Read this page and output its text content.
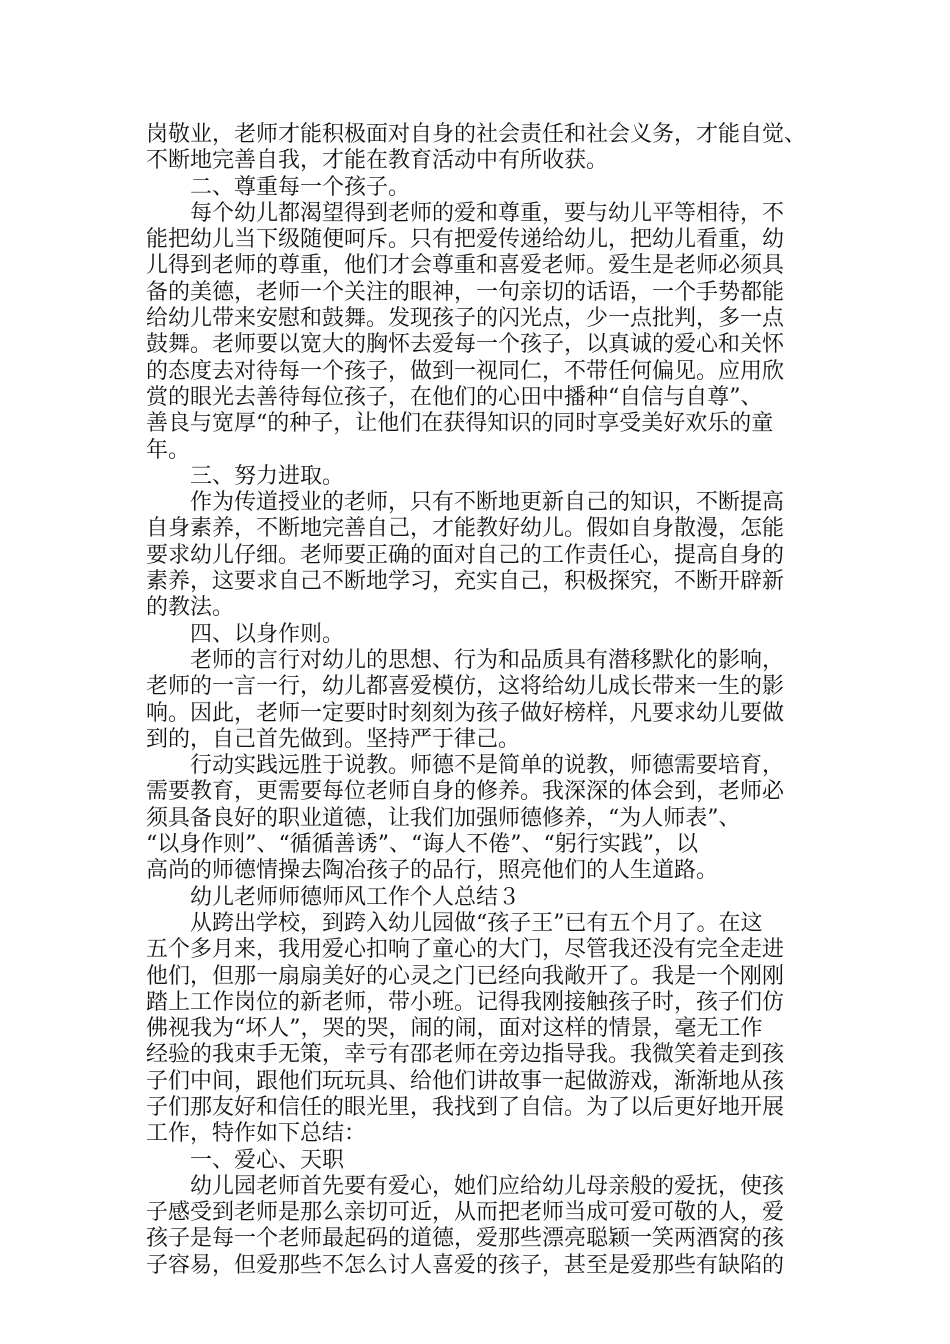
岗敬业，老师才能积极面对自身的社会责任和社会义务，才能自觉、
不断地完善自我，才能在教育活动中有所收获。
二、尊重每一个孩子。
每个幼儿都渴望得到老师的爱和尊重，要与幼儿平等相待，不
能把幼儿当下级随便呵斥。只有把爱传递给幼儿，把幼儿看重，幼
儿得到老师的尊重，他们才会尊重和喜爱老师。爱生是老师必须具
备的美德，老师一个关注的眼神，一句亲切的话语，一个手势都能
给幼儿带来安慰和鼓舞。发现孩子的闪光点，少一点批判，多一点
鼓舞。老师要以宽大的胸怀去爱每一个孩子，以真诚的爱心和关怀
的态度去对待每一个孩子，做到一视同仁，不带任何偏见。应用欣
赏的眼光去善待每位孩子，在他们的心田中播种“自信与自尊”、
善良与宽厚“的种子，让他们在获得知识的同时享受美好欢乐的童
年。
三、努力进取。
作为传道授业的老师，只有不断地更新自己的知识，不断提高
自身素养，不断地完善自己，才能教好幼儿。假如自身散漫，怎能
要求幼儿仔细。老师要正确的面对自己的工作责任心，提高自身的
素养，这要求自己不断地学习，充实自己，积极探究，不断开辟新
的教法。
四、以身作则。
老师的言行对幼儿的思想、行为和品质具有潜移默化的影响，
老师的一言一行，幼儿都喜爱模仿，这将给幼儿成长带来一生的影
响。因此，老师一定要时时刻刻为孩子做好榜样，凡要求幼儿要做
到的，自己首先做到。坚持严于律己。
行动实践远胜于说教。师德不是简单的说教，师德需要培育，
需要教育，更需要每位老师自身的修养。我深深的体会到，老师必
须具备良好的职业道德，让我们加强师德修养，“为人师表”、
“以身作则”、“循循善诱”、“诲人不倦”、“躬行实践”，以
高尚的师德情操去陶冶孩子的品行，照亮他们的人生道路。
幼儿老师师德师风工作个人总结３
从跨出学校，到跨入幼儿园做“孩子王”已有五个月了。在这
五个多月来，我用爱心扣响了童心的大门，尽管我还没有完全走进
他们，但那一扇扇美好的心灵之门已经向我敞开了。我是一个刚刚
踏上工作岗位的新老师，带小班。记得我刚接触孩子时，孩子们仿
佛视我为“坏人”，哭的哭，闹的闹，面对这样的情景，毫无工作
经验的我束手无策，幸亏有邵老师在旁边指导我。我微笑着走到孩
子们中间，跟他们玩玩具、给他们讲故事一起做游戏，渐渐地从孩
子们那友好和信任的眼光里，我找到了自信。为了以后更好地开展
工作，特作如下总结：
一、爱心、天职
幼儿园老师首先要有爱心，她们应给幼儿母亲般的爱抚，使孩
子感受到老师是那么亲切可近，从而把老师当成可爱可敬的人，爱
孩子是每一个老师最起码的道德，爱那些漂亮聪颖一笑两酒窝的孩
子容易，但爱那些不怎么讨人喜爱的孩子，甚至是爱那些有缺陷的
